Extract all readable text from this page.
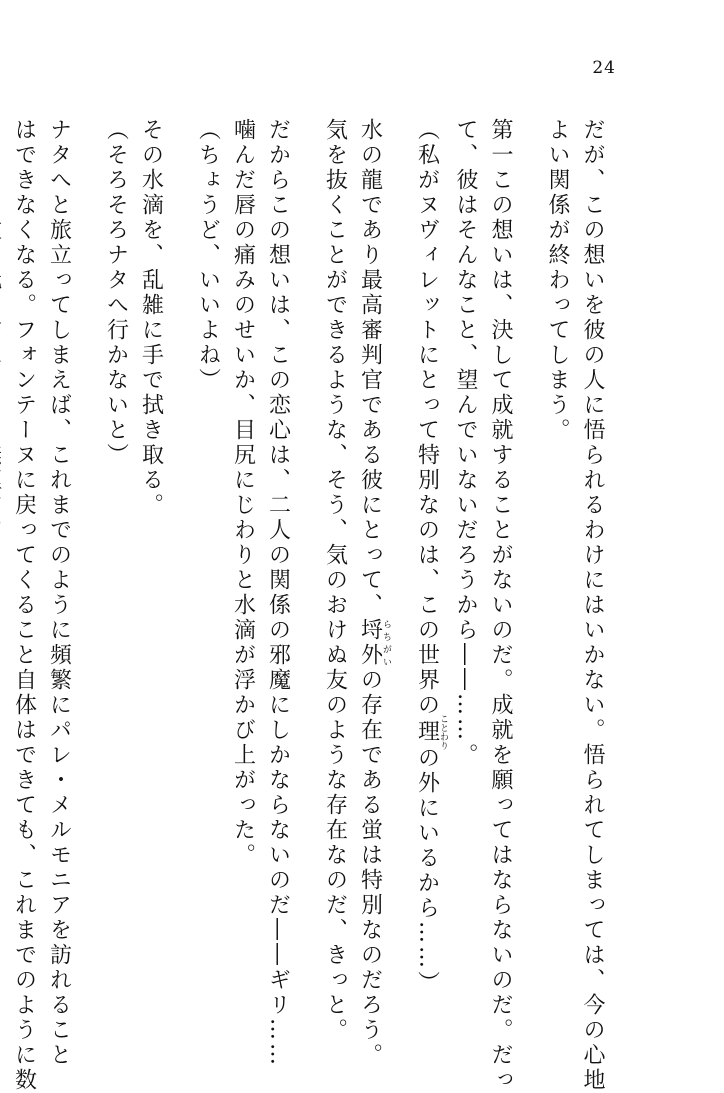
24
だが、この想いを彼の人に悟られるわけにはいかない。悟られてしまっては、今の心地
よい関係が終わってしまう。
第一この想いは、決して成就することがないのだ。成就を願ってはならないのだ。だっ
て、彼はそんなこと、望んでいないだろうから――……。
（私がヌヴィレットにとって特別なのは、この世界の理ことわりの外にいるから……）
水の龍であり最高審判官である彼にとって、埒外らちがいの存在である蛍は特別なのだろう。
気を抜くことができるような、そう、気のおけぬ友のような存在なのだ、きっと。
だからこの想いは、この恋心は、二人の関係の邪魔にしかならないのだ――ギリ……
噛んだ唇の痛みのせいか、目尻にじわりと水滴が浮かび上がった。
（ちょうど、いいよね）
その水滴を、乱雑に手で拭き取る。
（そろそろナタへ行かないと）
ナタへと旅立ってしまえば、これまでのように頻繁にパレ・メルモニアを訪れること
はできなくなる。フォンテーヌに戻ってくること自体はできても、これまでのように数
